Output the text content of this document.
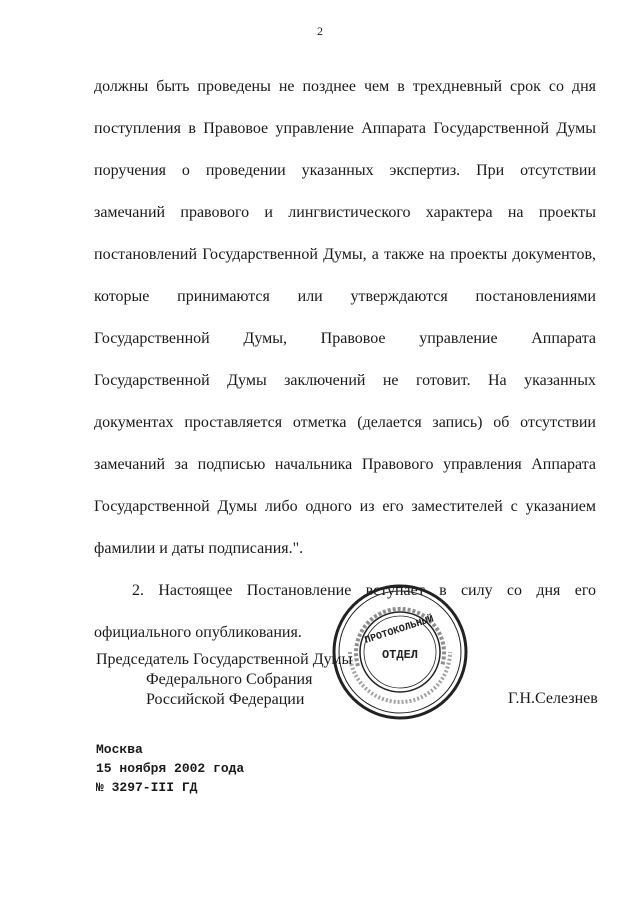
2
должны быть проведены не позднее чем в трехдневный срок со дня
поступления в Правовое управление Аппарата Государственной Думы
поручения о проведении указанных экспертиз. При отсутствии
замечаний правового и лингвистического характера на проекты
постановлений Государственной Думы, а также на проекты документов,
которые принимаются или утверждаются постановлениями
Государственной Думы, Правовое управление Аппарата
Государственной Думы заключений не готовит. На указанных
документах проставляется отметка (делается запись) об отсутствии
замечаний за подписью начальника Правового управления Аппарата
Государственной Думы либо одного из его заместителей с указанием
фамилии и даты подписания.".
2. Настоящее Постановление вступает в силу со дня его
официального опубликования.
Председатель Государственной Думы
Федерального Собрания
Российской Федерации
ОТДЕЛ
ПРОТОКОЛЬНЫЙ
Г.Н.Селезнев
Москва
15 ноября 2002 года
№ 3297-III ГД
